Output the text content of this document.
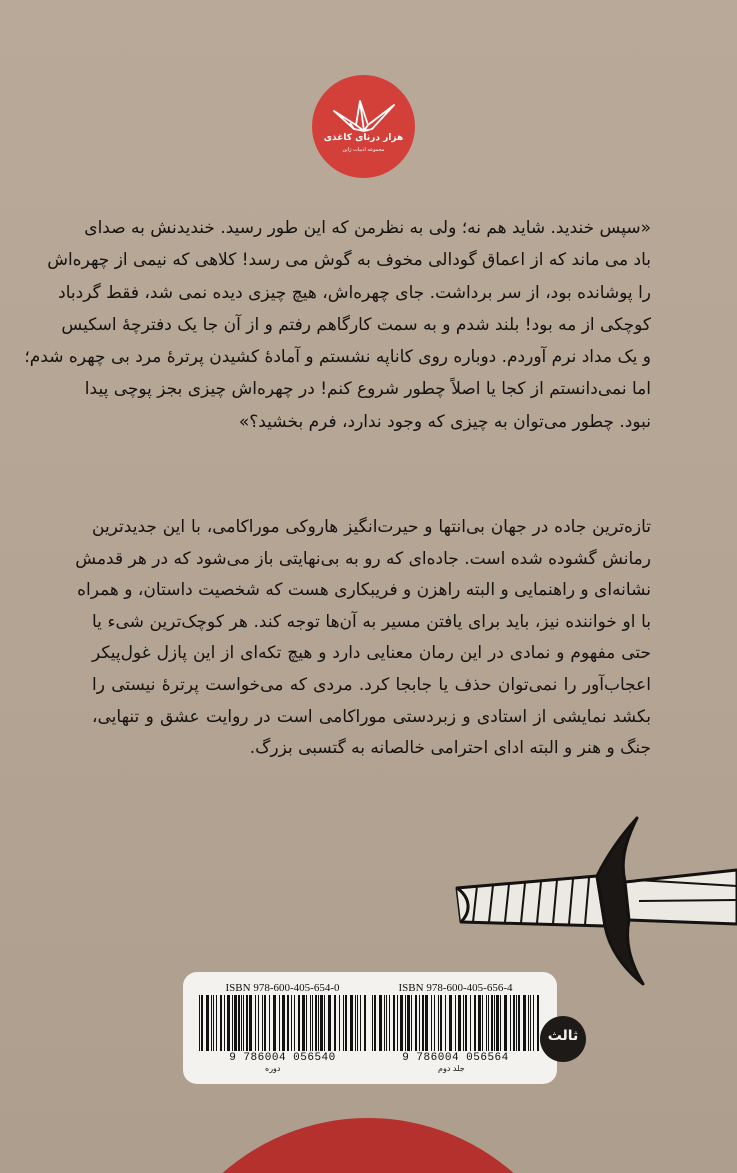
هزار درنای کاغذی
مجموعه ادبیات ژاپن

«سپس خندید. شاید هم نه؛ ولی به نظرمن که این طور رسید. خندیدنش به صدای
باد می ماند که از اعماق گودالی مخوف به گوش می رسد! کلاهی که نیمی از چهره‌اش
را پوشانده بود، از سر برداشت. جای چهره‌اش، هیچ چیزی دیده نمی شد، فقط گردباد
کوچکی از مه بود! بلند شدم و به سمت کارگاهم رفتم و از آن جا یک دفترچهٔ اسکیس
و یک مداد نرم آوردم. دوباره روی کاناپه نشستم و آمادهٔ کشیدن پرترهٔ مرد بی چهره شدم؛
اما نمی‌دانستم از کجا یا اصلاً چطور شروع کنم! در چهره‌اش چیزی بجز پوچی پیدا
نبود. چطور می‌توان به چیزی که وجود ندارد، فرم بخشید؟»

تازه‌ترین جاده در جهان بی‌انتها و حیرت‌انگیز هاروکی موراکامی، با این جدیدترین
رمانش گشوده شده است. جاده‌ای که رو به بی‌نهایتی باز می‌شود که در هر قدمش
نشانه‌ای و راهنمایی و البته راهزن و فریبکاری هست که شخصیت داستان، و همراه
با او خواننده نیز، باید برای یافتن مسیر به آن‌ها توجه کند. هر کوچک‌ترین شیء یا
حتی مفهوم و نمادی در این رمان معنایی دارد و هیچ تکه‌ای از این پازل غول‌پیکر
اعجاب‌آور را نمی‌توان حذف یا جابجا کرد. مردی که می‌خواست پرترهٔ نیستی را
بکشد نمایشی از استادی و زبردستی موراکامی است در روایت عشق و تنهایی،
جنگ و هنر و البته ادای احترامی خالصانه به گتسبی بزرگ.

ISBN 978-600-405-654-0
9 786004 056540
دوره
ISBN 978-600-405-656-4
9 786004 056564
جلد دوم
ثالث
